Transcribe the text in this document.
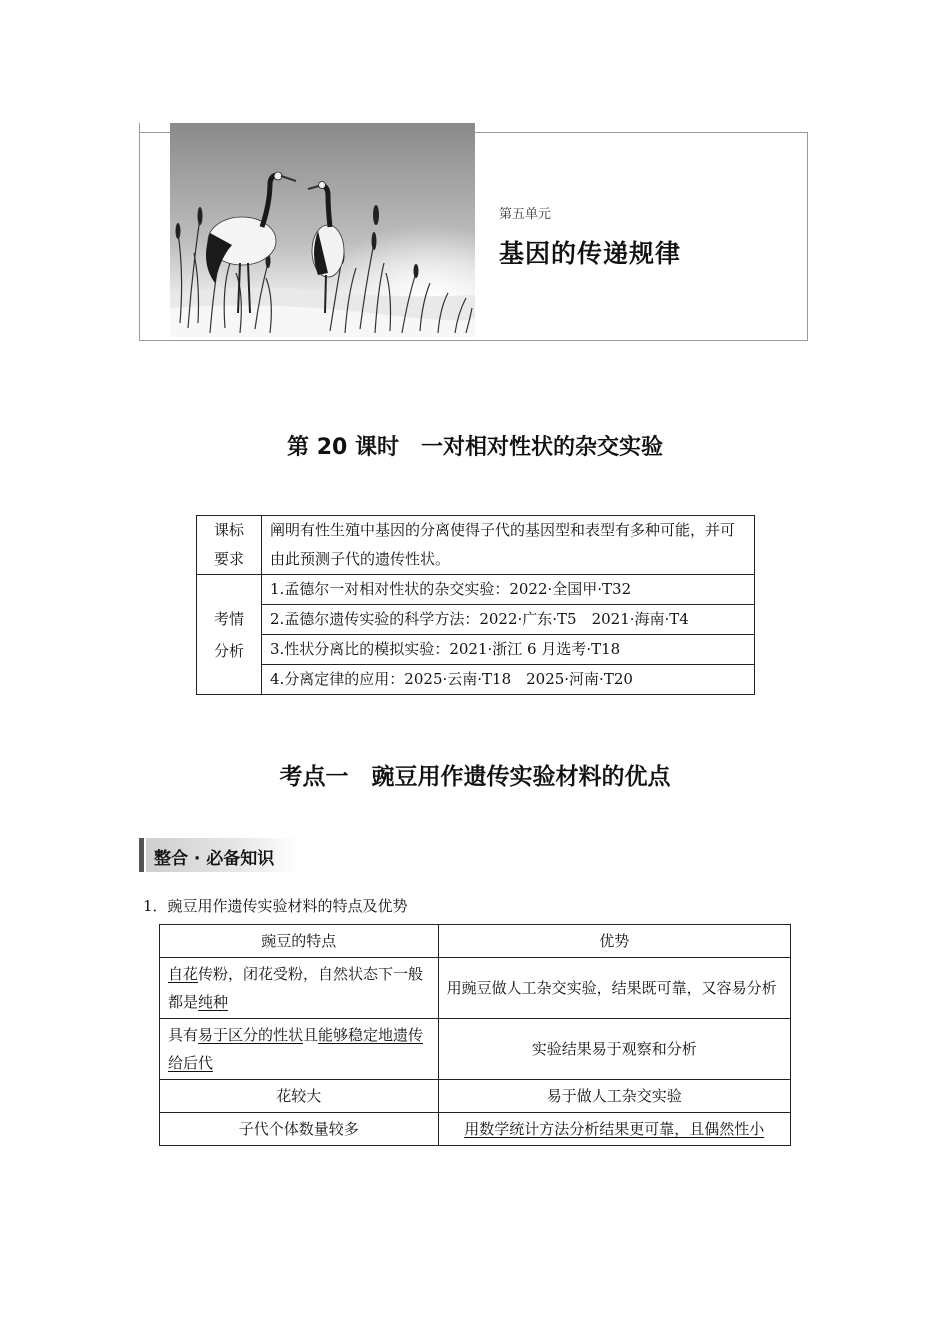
第五单元
基因的传递规律
第 20 课时　一对相对性状的杂交实验
课标
要求	阐明有性生殖中基因的分离使得子代的基因型和表型有多种可能，并可由此预测子代的遗传性状。

考情
分析	1.孟德尔一对相对性状的杂交实验：2022·全国甲·T32
	2.孟德尔遗传实验的科学方法：2022·广东·T5　2021·海南·T4
	3.性状分离比的模拟实验：2021·浙江 6 月选考·T18
	4.分离定律的应用：2025·云南·T18　2025·河南·T20
考点一　豌豆用作遗传实验材料的优点
整合 · 必备知识
1．豌豆用作遗传实验材料的特点及优势
豌豆的特点	优势
自花传粉，闭花受粉，自然状态下一般都是纯种	用豌豆做人工杂交实验，结果既可靠，又容易分析
具有易于区分的性状且能够稳定地遗传给后代	实验结果易于观察和分析
花较大	易于做人工杂交实验
子代个体数量较多	用数学统计方法分析结果更可靠，且偶然性小
